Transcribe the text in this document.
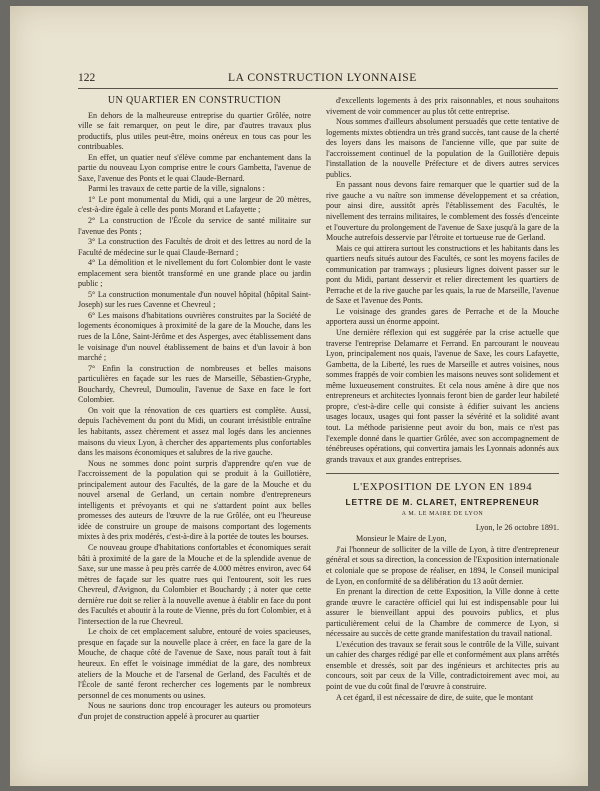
122	LA CONSTRUCTION LYONNAISE
UN QUARTIER EN CONSTRUCTION

En dehors de la malheureuse entreprise du quartier Grôlée, notre ville se fait remarquer, on peut le dire, par d'autres travaux plus productifs, plus utiles peut-être, moins onéreux en tous cas pour les contribuables.

En effet, un quatier neuf s'élève comme par enchantement dans la partie du nouveau Lyon comprise entre le cours Gambetta, l'avenue de Saxe, l'avenue des Ponts et le quai Claude-Bernard.

Parmi les travaux de cette partie de la ville, signalons :

1° Le pont monumental du Midi, qui a une largeur de 20 mètres, c'est-à-dire égale à celle des ponts Morand et Lafayette ;

2° La construction de l'École du service de santé militaire sur l'avenue des Ponts ;

3° La construction des Facultés de droit et des lettres au nord de la Faculté de médecine sur le quai Claude-Bernard ;

4° La démolition et le nivellement du fort Colombier dont le vaste emplacement sera bientôt transformé en une grande place ou jardin public ;

5° La construction monumentale d'un nouvel hôpital (hôpital Saint-Joseph) sur les rues Cavenne et Chevreul ;

6° Les maisons d'habitations ouvrières construites par la Société de logements économiques à proximité de la gare de la Mouche, dans les rues de la Lône, Saint-Jérôme et des Asperges, avec établissement dans le voisinage d'un nouvel établissement de bains et d'un lavoir à bon marché ;

7° Enfin la construction de nombreuses et belles maisons particulières en façade sur les rues de Marseille, Sébastien-Gryphe, Bouchardy, Chevreul, Dumoulin, l'avenue de Saxe en face le fort Colombier.

On voit que la rénovation de ces quartiers est complète. Aussi, depuis l'achèvement du pont du Midi, un courant irrésistible entraîne les habitants, assez chèrement et assez mal logés dans les anciennes maisons du vieux Lyon, à chercher des appartements plus confortables dans les maisons économiques et salubres de la rive gauche.

Nous ne sommes donc point surpris d'apprendre qu'en vue de l'accroissement de la population qui se produit à la Guillotière, principalement autour des Facultés, de la gare de la Mouche et du nouvel arsenal de Gerland, un certain nombre d'entrepreneurs intelligents et prévoyants et qui ne s'attardent point aux belles promesses des auteurs de l'œuvre de la rue Grôlée, ont eu l'heureuse idée de construire un groupe de maisons comportant des logements mixtes à des prix modérés, c'est-à-dire à la portée de toutes les bourses.

Ce nouveau groupe d'habitations confortables et économiques serait bâti à proximité de la gare de la Mouche et de la splendide avenue de Saxe, sur une masse à peu près carrée de 4.000 mètres environ, avec 64 mètres de façade sur les quatre rues qui l'entourent, soit les rues Chevreul, d'Avignon, du Colombier et Bouchardy ; à noter que cette dernière rue doit se relier à la nouvelle avenue à établir en face du pont des Facultés et aboutir à la route de Vienne, près du fort Colombier, et à l'intersection de la rue Chevreul.

Le choix de cet emplacement salubre, entouré de voies spacieuses, presque en façade sur la nouvelle place à créer, en face la gare de la Mouche, de chaque côté de l'avenue de Saxe, nous paraît tout à fait heureux. En effet le voisinage immédiat de la gare, des nombreux ateliers de la Mouche et de l'arsenal de Gerland, des Facultés et de l'École de santé feront rechercher ces logements par le nombreux personnel de ces monuments ou usines.

Nous ne saurions donc trop encourager les auteurs ou promoteurs d'un projet de construction appelé à procurer au quartier

d'excellents logements à des prix raisonnables, et nous souhaitons vivement de voir commencer au plus tôt cette entreprise.

Nous sommes d'ailleurs absolument persuadés que cette tentative de logements mixtes obtiendra un très grand succès, tant cause de la cherté des loyers dans les maisons de l'ancienne ville, que par suite de l'accroissement continuel de la population de la Guillotière depuis l'installation de la nouvelle Préfecture et de divers autres services publics.

En passant nous devons faire remarquer que le quartier sud de la rive gauche a vu naître son immense développement et sa création, pour ainsi dire, aussitôt après l'établissement des Facultés, le nivellement des terrains militaires, le comblement des fossés d'enceinte et l'ouverture du prolongement de l'avenue de Saxe jusqu'à la gare de la Mouche autrefois desservie par l'étroite et tortueuse rue de Gerland.

Mais ce qui attirera surtout les constructions et les habitants dans les quartiers neufs situés autour des Facultés, ce sont les moyens faciles de communication par tramways ; plusieurs lignes doivent passer sur le pont du Midi, partant desservir et relier directement les quartiers de Perrache et de la rive gauche par les quais, la rue de Marseille, l'avenue de Saxe et l'avenue des Ponts.

Le voisinage des grandes gares de Perrache et de la Mouche apportera aussi un énorme appoint.

Une dernière réflexion qui est suggérée par la crise actuelle que traverse l'entreprise Delamarre et Ferrand. En parcourant le nouveau Lyon, principalement nos quais, l'avenue de Saxe, les cours Lafayette, Gambetta, de la Liberté, les rues de Marseille et autres voisines, nous sommes frappés de voir combien les maisons neuves sont solidement et même luxueusement construites. Et cela nous amène à dire que nos entrepreneurs et architectes lyonnais feront bien de garder leur habileté propre, c'est-à-dire celle qui consiste à édifier suivant les anciens usages locaux, usages qui font passer la sévérité et la solidité avant tout. La méthode parisienne peut avoir du bon, mais ce n'est pas l'exemple donné dans le quartier Grôlée, avec son accompagnement de ténébreuses opérations, qui convertira jamais les Lyonnais adonnés aux grands travaux et aux grandes entreprises.

L'EXPOSITION DE LYON EN 1894
LETTRE DE M. CLARET, ENTREPRENEUR
A M. LE MAIRE DE LYON
Lyon, le 26 octobre 1891.

Monsieur le Maire de Lyon,

J'ai l'honneur de solliciter de la ville de Lyon, à titre d'entrepreneur général et sous sa direction, la concession de l'Exposition internationale et coloniale que se propose de réaliser, en 1894, le Conseil municipal de Lyon, en conformité de sa délibération du 13 août dernier.

En prenant la direction de cette Exposition, la Ville donne à cette grande œuvre le caractère officiel qui lui est indispensable pour lui assurer le bienveillant appui des pouvoirs publics, et plus particulièrement celui de la Chambre de commerce de Lyon, si nécessaire au succès de cette grande manifestation du travail national.

L'exécution des travaux se ferait sous le contrôle de la Ville, suivant un cahier des charges rédigé par elle et conformément aux plans arrêtés ensemble et dressés, soit par des ingénieurs et architectes pris au concours, soit par ceux de la Ville, contradictoirement avec moi, au point de vue du coût final de l'œuvre à construire.

A cet égard, il est nécessaire de dire, de suite, que le montant
